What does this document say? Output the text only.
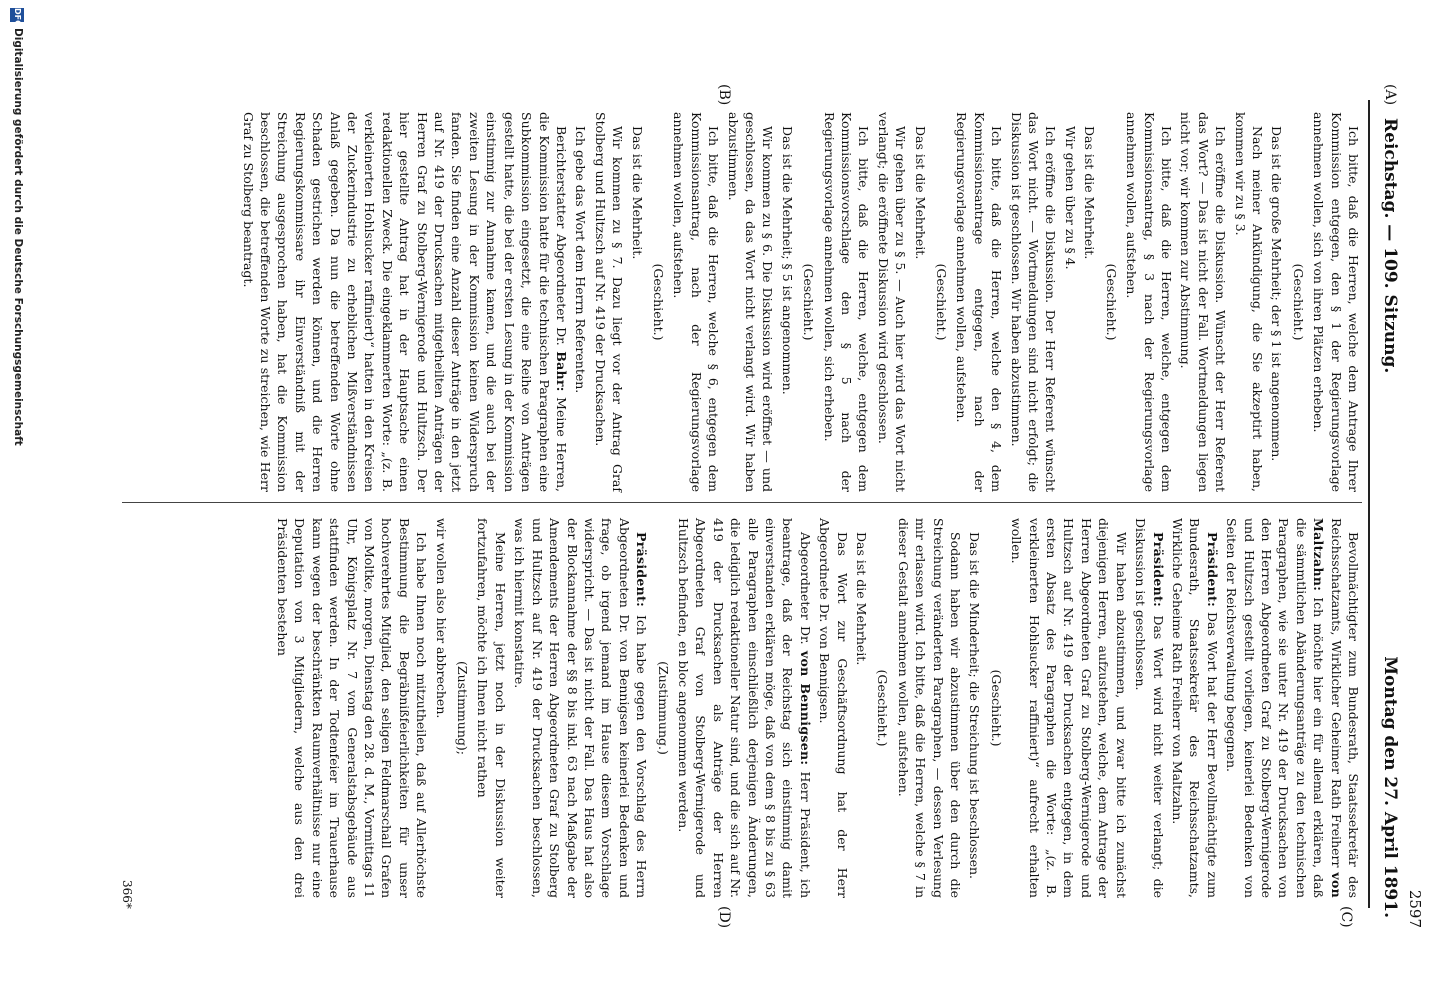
Reichstag. — 109. Sitzung.
Montag den 27. April 1891. 2597
(A)
(B)
(C)
(D)

Ich bitte, daß die Herren, welche dem Antrage Ihrer Kommission entgegen, den § 1 der Regierungsvorlage annehmen wollen, sich von ihren Plätzen erheben.

(Geschieht.)

Das ist die große Mehrheit; der § 1 ist angenommen.

Nach meiner Ankündigung, die Sie akzeptirt haben, kommen wir zu § 3.

Ich eröffne die Diskussion. Wünscht der Herr Referent das Wort? — Das ist nicht der Fall. Wortmeldungen liegen nicht vor; wir kommen zur Abstimmung.

Ich bitte, daß die Herren, welche, entgegen dem Kommissionsantrag, § 3 nach der Regierungsvorlage annehmen wollen, aufstehen.

(Geschieht.)

Das ist die Mehrheit.

Wir gehen über zu § 4.

Ich eröffne die Diskussion. Der Herr Referent wünscht das Wort nicht. — Wortmeldungen sind nicht erfolgt; die Diskussion ist geschlossen. Wir haben abzustimmen.

Ich bitte, daß die Herren, welche den § 4, dem Kommissionsantrage entgegen, nach der Regierungsvorlage annehmen wollen, aufstehen.

(Geschieht.)

Das ist die Mehrheit.

Wir gehen über zu § 5. — Auch hier wird das Wort nicht verlangt; die eröffnete Diskussion wird geschlossen.

Ich bitte, daß die Herren, welche, entgegen dem Kommissionsvorschlage den § 5 nach der Regierungsvorlage annehmen wollen, sich erheben.

(Geschieht.)

Das ist die Mehrheit; § 5 ist angenommen.

Wir kommen zu § 6. Die Diskussion wird eröffnet — und geschlossen, da das Wort nicht verlangt wird. Wir haben abzustimmen.

Ich bitte, daß die Herren, welche § 6, entgegen dem Kommissionsantrag, nach der Regierungsvorlage annehmen wollen, aufstehen.

(Geschieht.)

Das ist die Mehrheit.

Wir kommen zu § 7. Dazu liegt vor der Antrag Graf Stolberg und Hultzsch auf Nr. 419 der Drucksachen.

Ich gebe das Wort dem Herrn Referenten.

Berichterstatter Abgeordneter Dr. Bahr: Meine Herren, die Kommission hatte für die technischen Paragraphen eine Subkommission eingesetzt, die eine Reihe von Anträgen gestellt hatte, die bei der ersten Lesung in der Kommission einstimmig zur Annahme kamen, und die auch bei der zweiten Lesung in der Kommission keinen Widerspruch fanden. Sie finden eine Anzahl dieser Anträge in den jetzt auf Nr. 419 der Drucksachen mitgetheilten Anträgen der Herren Graf zu Stolberg-Wernigerode und Hultzsch. Der hier gestellte Antrag hat in der Hauptsache einen redaktionellen Zweck. Die eingeklammerten Worte: „(z. B. verkleinerten Hohlsucker raffiniert)“ hatten in den Kreisen der Zuckerindustrie zu erheblichen Mißverständnissen Anlaß gegeben. Da nun die betreffenden Worte ohne Schaden gestrichen werden können, und die Herren Regierungskommissare ihr Einverständniß mit der Streichung ausgesprochen haben, hat die Kommission beschlossen, die betreffenden Worte zu streichen, wie Herr Graf zu Stolberg beantragt.

Bevollmächtigter zum Bundesrath, Staatssekretär des Reichsschatzamts, Wirklicher Geheimer Rath Freiherr von Maltzahn: Ich möchte hier ein für allemal erklären, daß die sämmtlichen Abänderungsanträge zu den technischen Paragraphen, wie sie unter Nr. 419 der Drucksachen von den Herren Abgeordneten Graf zu Stolberg-Wernigerode und Hultzsch gestellt vorliegen, keinerlei Bedenken von Seiten der Reichsverwaltung begegnen.

Präsident: Das Wort hat der Herr Bevollmächtigte zum Bundesrath, Staatssekretär des Reichsschatzamts, Wirkliche Geheime Rath Freiherr von Maltzahn.

Präsident: Das Wort wird nicht weiter verlangt; die Diskussion ist geschlossen.

Wir haben abzustimmen, und zwar bitte ich zunächst diejenigen Herren, aufzustehen, welche, dem Antrage der Herren Abgeordneten Graf zu Stolberg-Wernigerode und Hultzsch auf Nr. 419 der Drucksachen entgegen, in dem ersten Absatz des Paragraphen die Worte: „(z. B. verkleinerten Hohlsucker raffiniert)“ aufrecht erhalten wollen.

(Geschieht.)

Das ist die Minderheit; die Streichung ist beschlossen.

Sodann haben wir abzustimmen über den durch die Streichung veränderten Paragraphen, — dessen Verlesung mir erlassen wird. Ich bitte, daß die Herren, welche § 7 in dieser Gestalt annehmen wollen, aufstehen.

(Geschieht.)

Das ist die Mehrheit.

Das Wort zur Geschäftsordnung hat der Herr Abgeordnete Dr. von Bennigsen.

Abgeordneter Dr. von Bennigsen: Herr Präsident, ich beantrage, daß der Reichstag sich einstimmig damit einverstanden erklären möge, daß von dem § 8 bis zu § 63 alle Paragraphen einschließlich derjenigen Änderungen, die lediglich redaktioneller Natur sind, und die sich auf Nr. 419 der Drucksachen als Anträge der Herren Abgeordneten Graf von Stolberg-Wernigerode und Hultzsch befinden, en bloc angenommen werden.

(Zustimmung.)

Präsident: Ich habe gegen den Vorschlag des Herrn Abgeordneten Dr. von Bennigsen keinerlei Bedenken und frage, ob irgend jemand im Hause diesem Vorschlage widerspricht. — Das ist nicht der Fall. Das Haus hat also der Blockannahme der §§ 8 bis inkl. 63 nach Maßgabe der Amendements der Herren Abgeordneten Graf zu Stolberg und Hultzsch auf Nr. 419 der Drucksachen beschlossen, was ich hiermit konstatire.

Meine Herren, jetzt noch in der Diskussion weiter fortzufahren, möchte ich Ihnen nicht rathen

(Zustimmung);

wir wollen also hier abbrechen.

Ich habe Ihnen noch mitzutheilen, daß auf Allerhöchste Bestimmung die Begräbnißfeierlichkeiten für unser hochverehrtes Mitglied, den seligen Feldmarschall Grafen von Moltke, morgen, Dienstag den 28. d. M., Vormittags 11 Uhr, Königsplatz Nr. 7 vom Generalstabsgebäude aus stattfinden werden. In der Todtenfeier im Trauerhause kann wegen der beschränkten Raumverhältnisse nur eine Deputation von 3 Mitgliedern, welche aus den drei Präsidenten bestehen

366*
DFG
Digitalisierung gefördert durch die Deutsche Forschungsgemeinschaft
